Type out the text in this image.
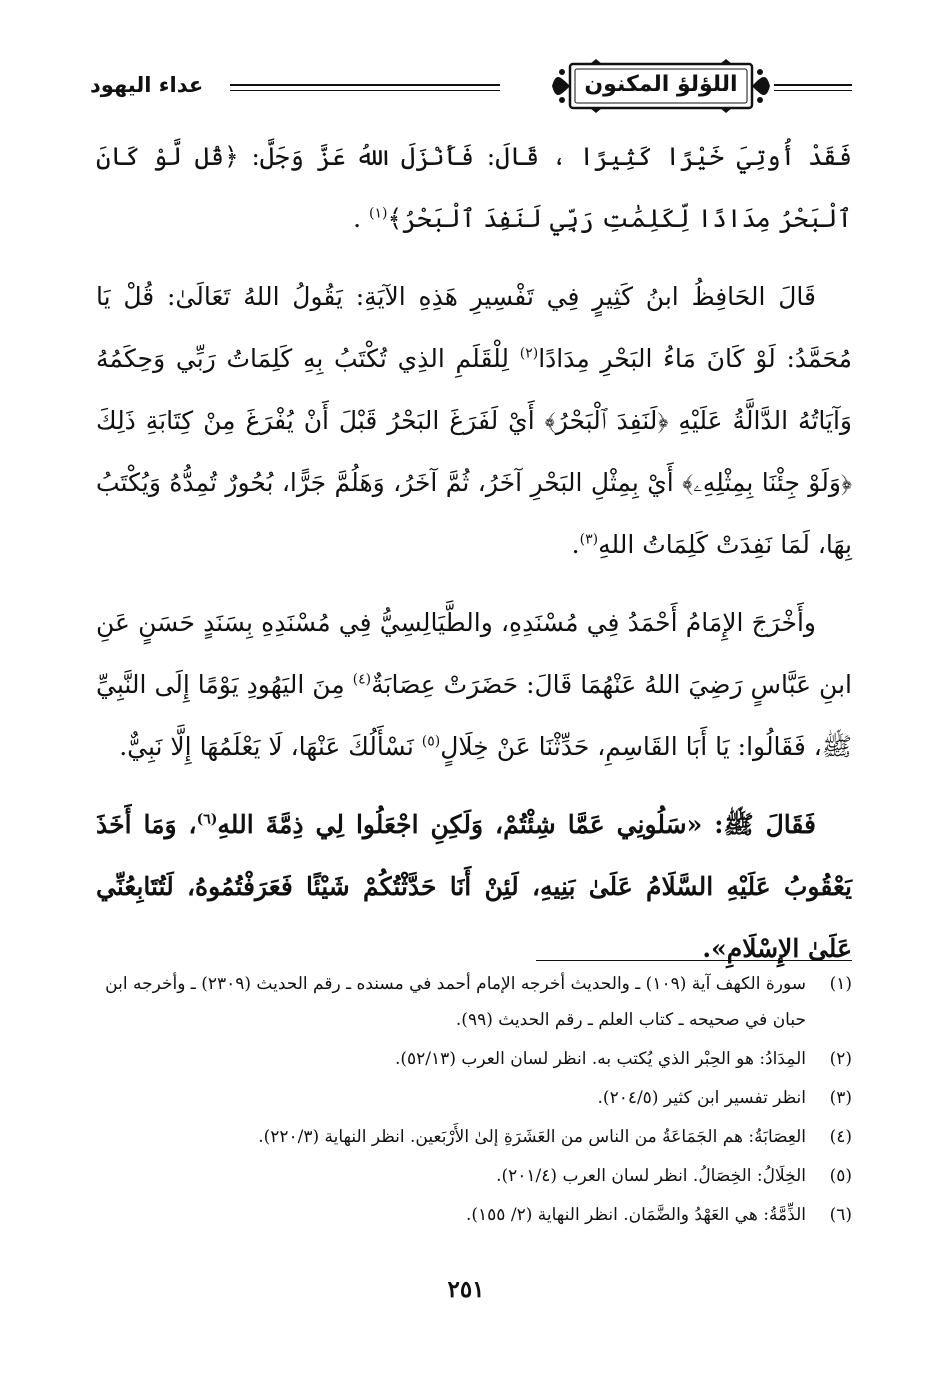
اللؤلؤ المكنون
عداء اليهود

فَقَدْ أُوتِيَ خَيْرًا كَثِيرًا ، قَالَ: فَأَنْزَلَ اللهُ عَزَّ وَجَلَّ: ﴿قُل لَّوْ كَانَ ٱلْبَحْرُ مِدَادًا لِّكَلِمَٰتِ رَبِّي لَنَفِدَ ٱلْبَحْرُ﴾$^{(١)}$ .

قَالَ الحَافِظُ ابنُ كَثِيرٍ فِي تَفْسِيرِ هَذِهِ الآيَةِ: يَقُولُ اللهُ تَعَالَىٰ: قُلْ يَا مُحَمَّدُ: لَوْ كَانَ مَاءُ البَحْرِ مِدَادًا$^{(٢)}$ لِلْقَلَمِ الذِي تُكْتَبُ بِهِ كَلِمَاتُ رَبِّي وَحِكَمُهُ وَآيَاتُهُ الدَّالَّةُ عَلَيْهِ ﴿لَنَفِدَ ٱلْبَحْرُ﴾ أَيْ لَفَرَغَ البَحْرُ قَبْلَ أَنْ يُفْرَغَ مِنْ كِتَابَةِ ذَلِكَ ﴿وَلَوْ جِئْنَا بِمِثْلِهِۦ﴾ أَيْ بِمِثْلِ البَحْرِ آخَرُ، ثُمَّ آخَرُ، وَهَلُمَّ جَرًّا، بُحُورٌ تُمِدُّهُ وَيُكْتَبُ بِهَا، لَمَا نَفِدَتْ كَلِمَاتُ اللهِ$^{(٣)}$.

وأَخْرَجَ الإِمَامُ أَحْمَدُ فِي مُسْنَدِهِ، والطَّيَالِسِيُّ فِي مُسْنَدِهِ بِسَنَدٍ حَسَنٍ عَنِ ابنِ عَبَّاسٍ رَضِيَ اللهُ عَنْهُمَا قَالَ: حَضَرَتْ عِصَابَةٌ$^{(٤)}$ مِنَ اليَهُودِ يَوْمًا إِلَى النَّبِيِّ ﷺ، فَقَالُوا: يَا أَبَا القَاسِمِ، حَدِّثْنَا عَنْ خِلَالٍ$^{(٥)}$ نَسْأَلُكَ عَنْهَا، لَا يَعْلَمُهَا إِلَّا نَبِيٌّ.

فَقَالَ ﷺ: «سَلُونِي عَمَّا شِئْتُمْ، وَلَكِنِ اجْعَلُوا لِي ذِمَّةَ اللهِ$^{(٦)}$، وَمَا أَخَذَ يَعْقُوبُ عَلَيْهِ السَّلَامُ عَلَىٰ بَنِيهِ، لَئِنْ أَنَا حَدَّثْتُكُمْ شَيْئًا فَعَرَفْتُمُوهُ، لَتُتَابِعُنِّي عَلَىٰ الإِسْلَامِ».

(١)
سورة الكهف آية (١٠٩) ـ والحديث أخرجه الإمام أحمد في مسنده ـ رقم الحديث (٢٣٠٩) ـ وأخرجه ابن حبان في صحيحه ـ كتاب العلم ـ رقم الحديث (٩٩).
(٢)
المِدَادُ: هو الحِبْر الذي يُكتب به. انظر لسان العرب (٥٢/١٣).
(٣)
انظر تفسير ابن كثير (٢٠٤/٥).
(٤)
العِصَابَةُ: هم الجَمَاعَةُ من الناس من العَشَرَةِ إلىٰ الأَرْبَعين. انظر النهاية (٢٢٠/٣).
(٥)
الخِلَالُ: الخِصَالُ. انظر لسان العرب (٢٠١/٤).
(٦)
الذِّمَّةُ: هي العَهْدُ والضَّمَان. انظر النهاية (٢/ ١٥٥).
٢٥١
